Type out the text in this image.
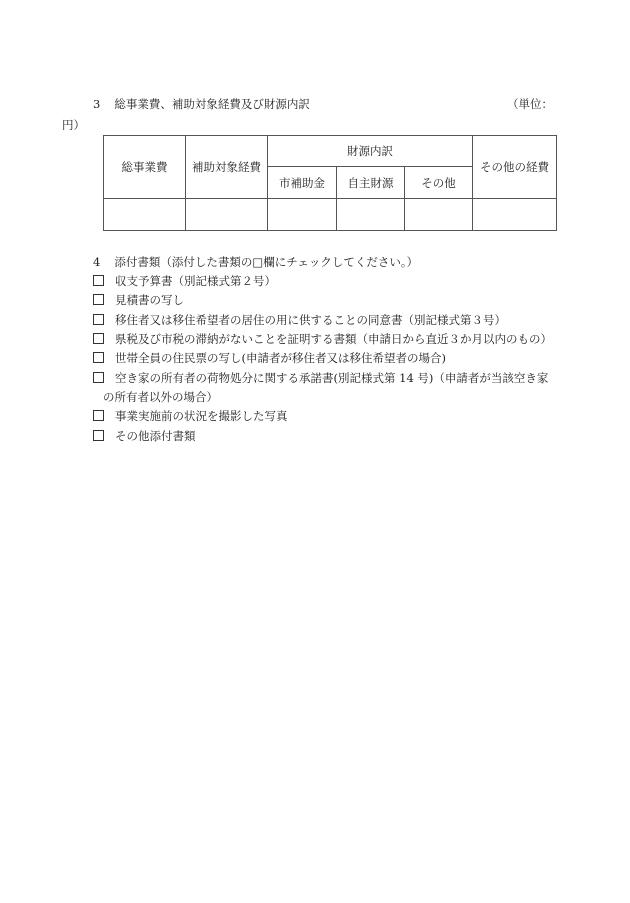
3 総事業費、補助対象経費及び財源内訳	（単位：
円）
総事業費	補助対象経費	財源内訳			その他の経費
		市補助金	自主財源	その他	

4 添付書類（添付した書類の□欄にチェックしてください。）
収支予算書（別記様式第２号）
見積書の写し
移住者又は移住希望者の居住の用に供することの同意書（別記様式第３号）
県税及び市税の滞納がないことを証明する書類（申請日から直近３か月以内のもの）
世帯全員の住民票の写し(申請者が移住者又は移住希望者の場合)
空き家の所有者の荷物処分に関する承諾書(別記様式第 14 号)（申請者が当該空き家
の所有者以外の場合）
事業実施前の状況を撮影した写真
その他添付書類
